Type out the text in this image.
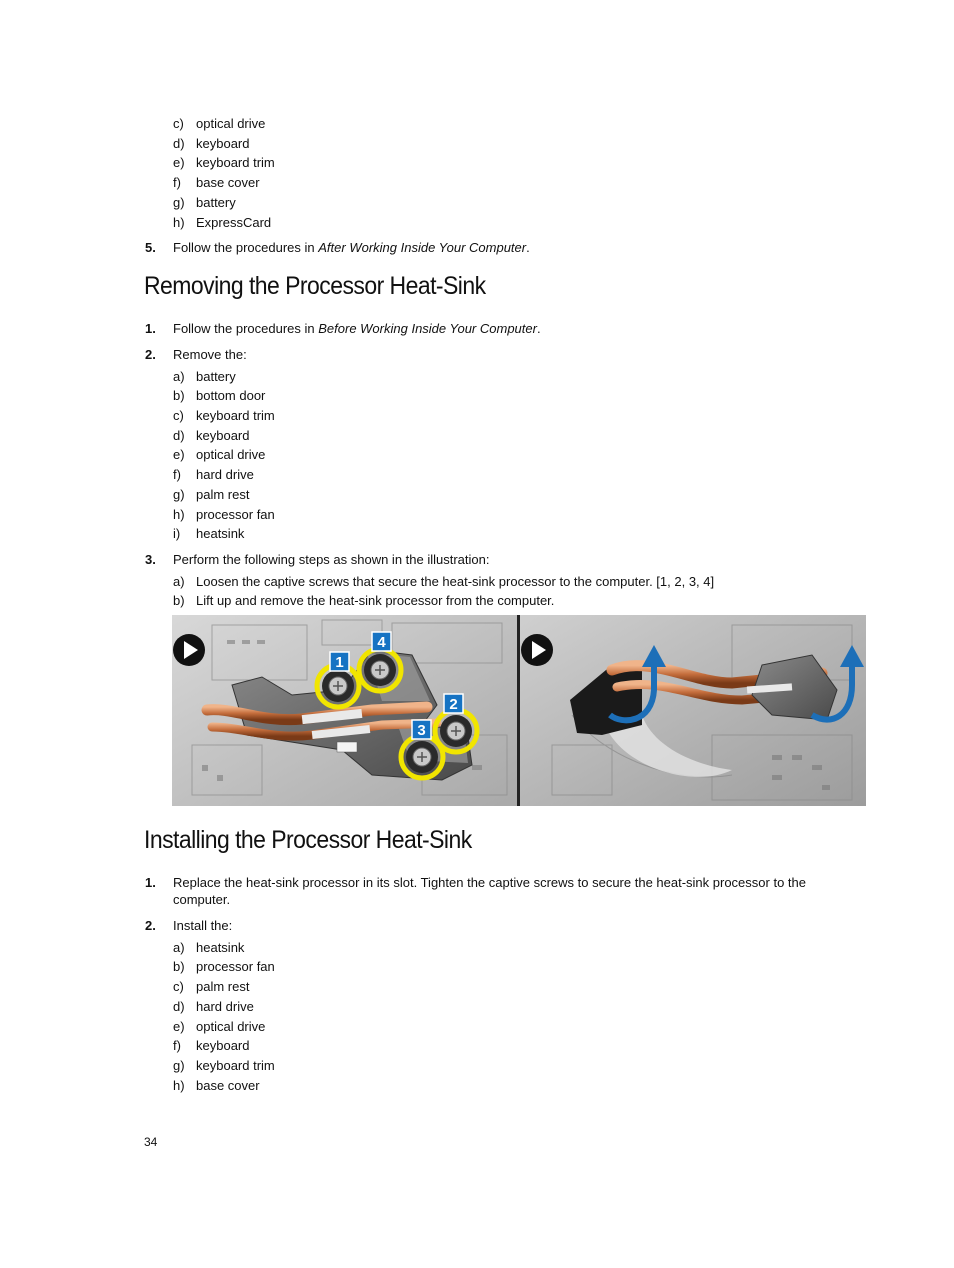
c) optical drive
d) keyboard
e) keyboard trim
f) base cover
g) battery
h) ExpressCard
5. Follow the procedures in After Working Inside Your Computer.
Removing the Processor Heat-Sink
1. Follow the procedures in Before Working Inside Your Computer.
2. Remove the:
a) battery
b) bottom door
c) keyboard trim
d) keyboard
e) optical drive
f) hard drive
g) palm rest
h) processor fan
i) heatsink
3. Perform the following steps as shown in the illustration:
a) Loosen the captive screws that secure the heat-sink processor to the computer. [1, 2, 3, 4]
b) Lift up and remove the heat-sink processor from the computer.
1
4
2
3
Installing the Processor Heat-Sink
1. Replace the heat-sink processor in its slot. Tighten the captive screws to secure the heat-sink processor to the computer.
2. Install the:
a) heatsink
b) processor fan
c) palm rest
d) hard drive
e) optical drive
f) keyboard
g) keyboard trim
h) base cover
34
